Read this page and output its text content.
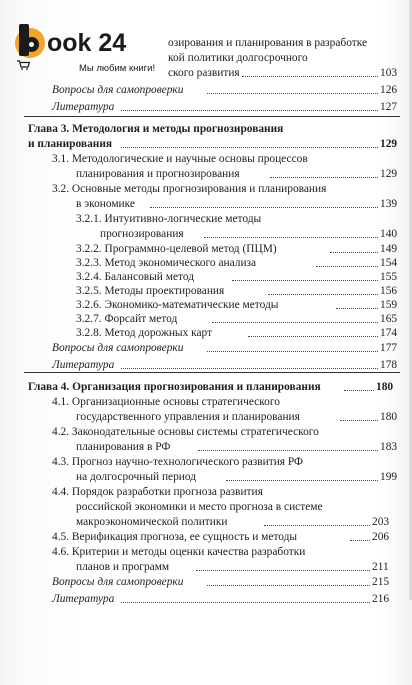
ook 24
Мы любим книги!
озирования и планирования в разработке
кой политики долгосрочного
ского развития	103
Вопросы для самопроверки	126
Литература	127
Глава 3. Методология и методы прогнозирования
и планирования	129
3.1. Методологические и научные основы процессов
планирования и прогнозирования	129
3.2. Основные методы прогнозирования и планирования
в экономике	139
3.2.1. Интуитивно-логические методы
прогнозирования	140
3.2.2. Программно-целевой метод (ПЦМ)	149
3.2.3. Метод экономического анализа	154
3.2.4. Балансовый метод	155
3.2.5. Методы проектирования	156
3.2.6. Экономико-математические методы	159
3.2.7. Форсайт метод	165
3.2.8. Метод дорожных карт	174
Вопросы для самопроверки	177
Литература	178
Глава 4. Организация прогнозирования и планирования	180
4.1. Организационные основы стратегического
государственного управления и планирования	180
4.2. Законодательные основы системы стратегического
планирования в РФ	183
4.3. Прогноз научно-технологического развития РФ
на долгосрочный период	199
4.4. Порядок разработки прогноза развития
российской экономики и место прогноза в системе
макроэкономической политики	203
4.5. Верификация прогноза, ее сущность и методы	206
4.6. Критерии и методы оценки качества разработки
планов и программ	211
Вопросы для самопроверки	215
Литература	216
